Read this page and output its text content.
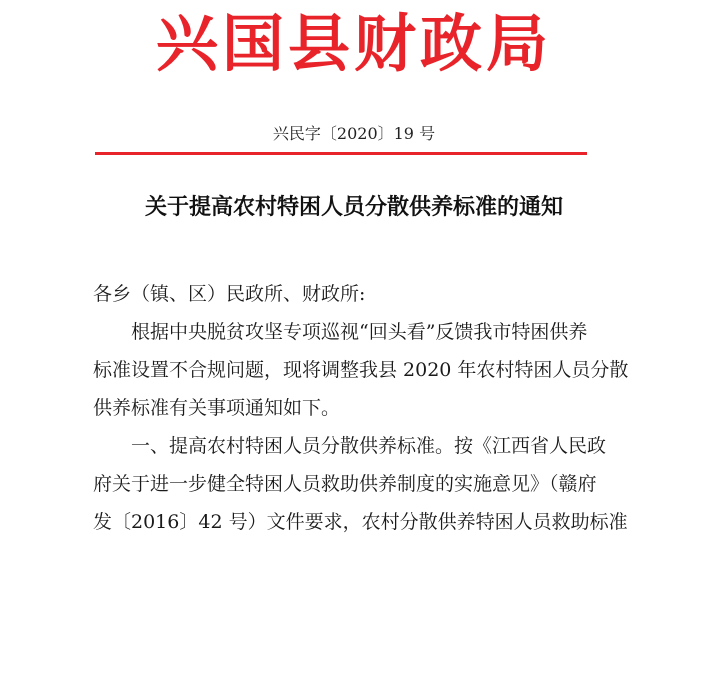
兴国县财政局
兴民字〔2020〕19 号
关于提高农村特困人员分散供养标准的通知
各乡（镇、区）民政所、财政所:
根据中央脱贫攻坚专项巡视“回头看”反馈我市特困供养
标准设置不合规问题，现将调整我县 2020 年农村特困人员分散
供养标准有关事项通知如下。
一、提高农村特困人员分散供养标准。按《江西省人民政
府关于进一步健全特困人员救助供养制度的实施意见》（赣府
发〔2016〕42 号）文件要求，农村分散供养特困人员救助标准
